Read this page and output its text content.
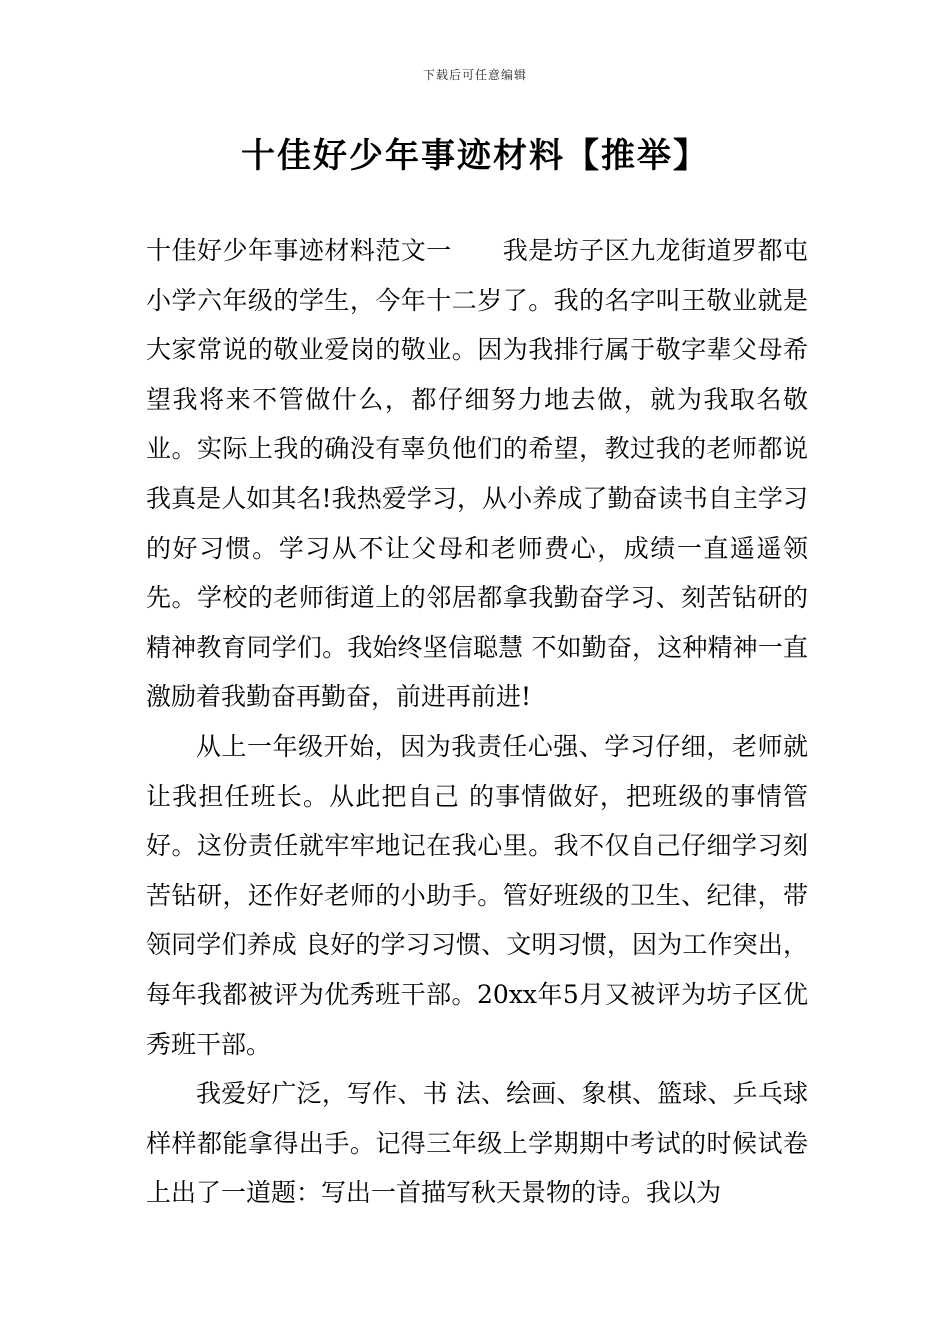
下载后可任意编辑
十佳好少年事迹材料【推举】

十佳好少年事迹材料范文一　　我是坊子区九龙街道罗都屯小学六年级的学生，今年十二岁了。我的名字叫王敬业就是大家常说的敬业爱岗的敬业。因为我排行属于敬字辈父母希 望我将来不管做什么，都仔细努力地去做，就为我取名敬业。实际上我的确没有辜负他们的希望，教过我的老师都说我真是人如其名!我热爱学习，从小养成了勤奋读书自主学习的好习惯。学习从不让父母和老师费心，成绩一直遥遥领先。学校的老师街道上的邻居都拿我勤奋学习、刻苦钻研的精神教育同学们。我始终坚信聪慧 不如勤奋，这种精神一直激励着我勤奋再勤奋，前进再前进!

从上一年级开始，因为我责任心强、学习仔细，老师就让我担任班长。从此把自己 的事情做好，把班级的事情管好。这份责任就牢牢地记在我心里。我不仅自己仔细学习刻苦钻研，还作好老师的小助手。管好班级的卫生、纪律，带领同学们养成 良好的学习习惯、文明习惯，因为工作突出，每年我都被评为优秀班干部。20xx年5月又被评为坊子区优秀班干部。

我爱好广泛，写作、书 法、绘画、象棋、篮球、乒乓球样样都能拿得出手。记得三年级上学期期中考试的时候试卷上出了一道题：写出一首描写秋天景物的诗。我以为
